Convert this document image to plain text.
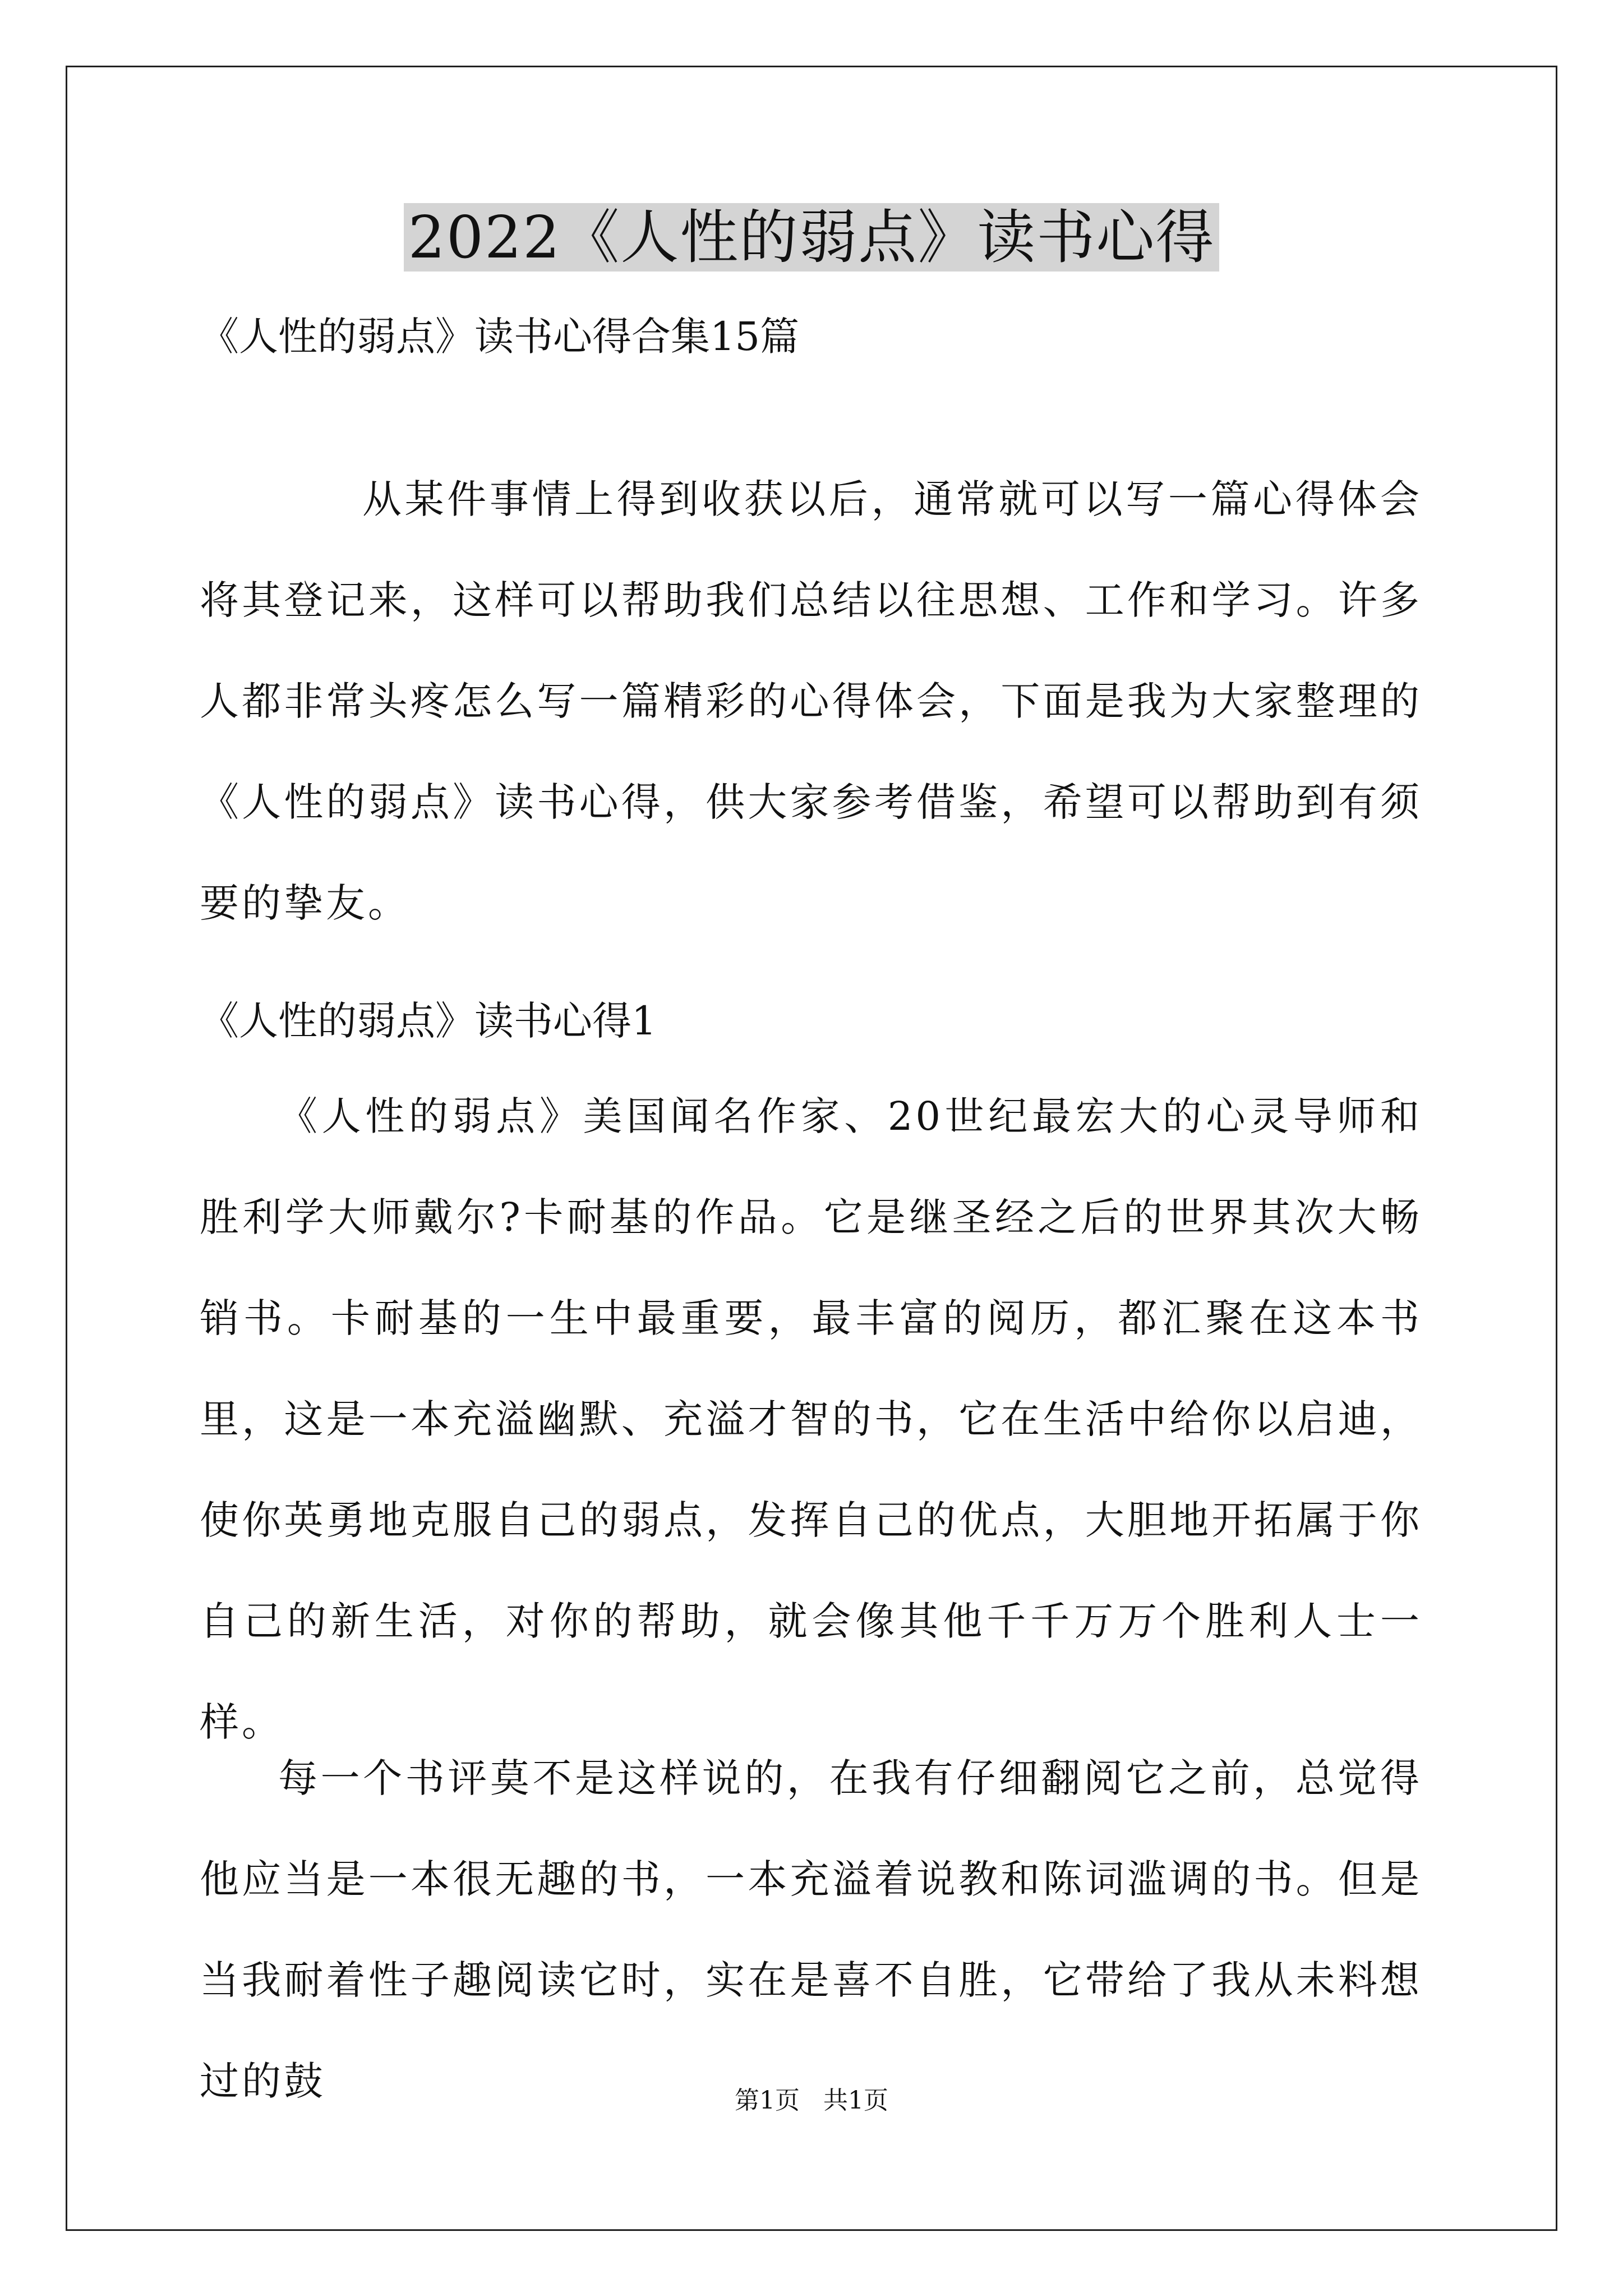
2022《人性的弱点》读书心得
《人性的弱点》读书心得合集15篇

从某件事情上得到收获以后，通常就可以写一篇心得体会将其登记来，这样可以帮助我们总结以往思想、工作和学习。许多人都非常头疼怎么写一篇精彩的心得体会，下面是我为大家整理的《人性的弱点》读书心得，供大家参考借鉴，希望可以帮助到有须要的挚友。

《人性的弱点》读书心得1

《人性的弱点》美国闻名作家、20世纪最宏大的心灵导师和胜利学大师戴尔?卡耐基的作品。它是继圣经之后的世界其次大畅销书。卡耐基的一生中最重要，最丰富的阅历，都汇聚在这本书里，这是一本充溢幽默、充溢才智的书，它在生活中给你以启迪，使你英勇地克服自己的弱点，发挥自己的优点，大胆地开拓属于你自己的新生活，对你的帮助，就会像其他千千万万个胜利人士一样。

每一个书评莫不是这样说的，在我有仔细翻阅它之前，总觉得他应当是一本很无趣的书，一本充溢着说教和陈词滥调的书。但是当我耐着性子趣阅读它时，实在是喜不自胜，它带给了我从未料想过的鼓	第1页   共1页
